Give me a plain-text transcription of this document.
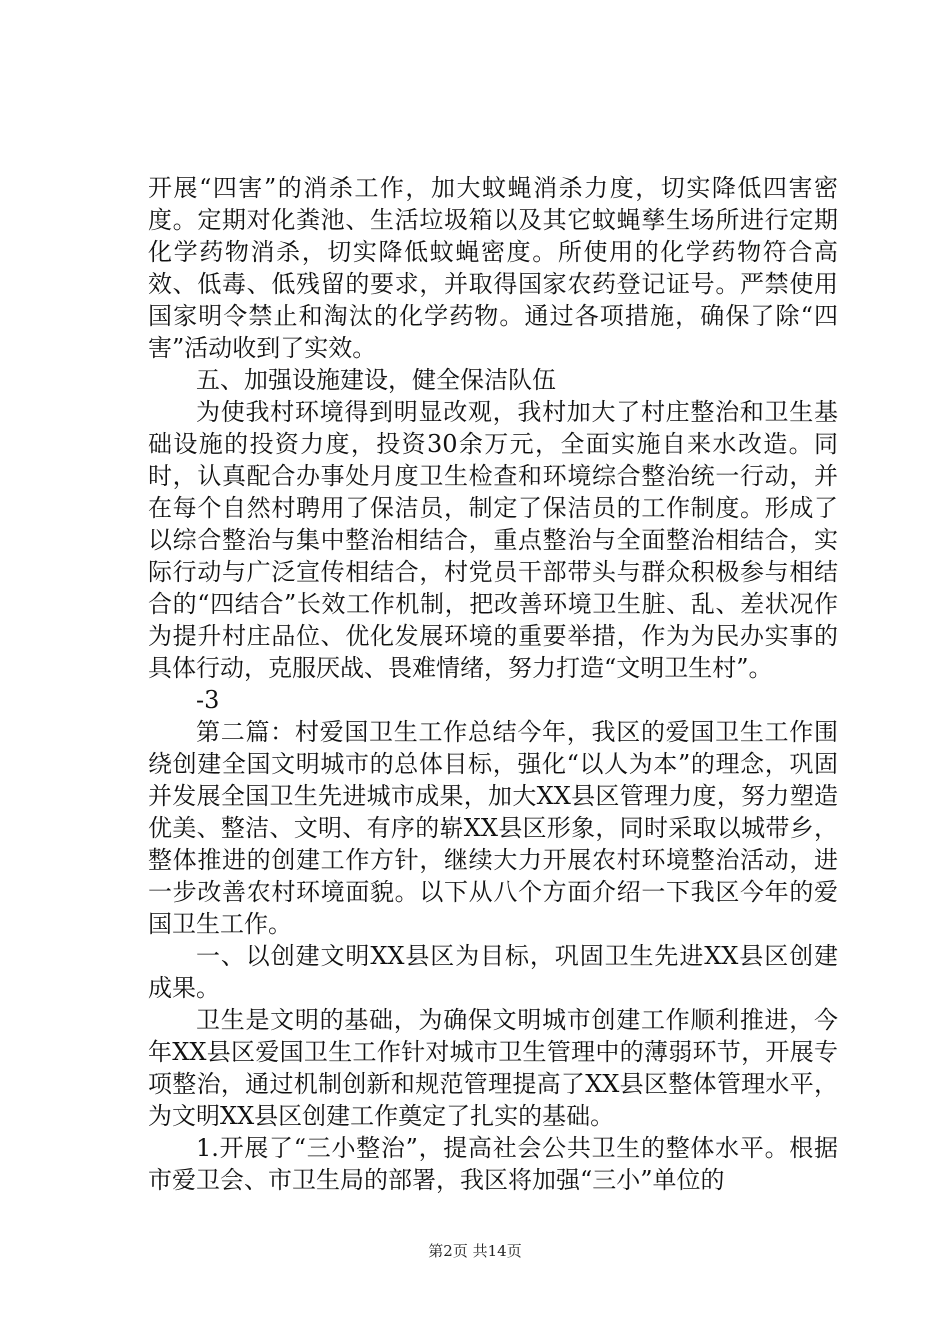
开展“四害”的消杀工作，加大蚊蝇消杀力度，切实降低四害密度。定期对化粪池、生活垃圾箱以及其它蚊蝇孳生场所进行定期化学药物消杀，切实降低蚊蝇密度。所使用的化学药物符合高效、低毒、低残留的要求，并取得国家农药登记证号。严禁使用国家明令禁止和淘汰的化学药物。通过各项措施，确保了除“四害”活动收到了实效。

五、加强设施建设，健全保洁队伍

为使我村环境得到明显改观，我村加大了村庄整治和卫生基础设施的投资力度，投资30余万元，全面实施自来水改造。同时，认真配合办事处月度卫生检查和环境综合整治统一行动，并在每个自然村聘用了保洁员，制定了保洁员的工作制度。形成了以综合整治与集中整治相结合，重点整治与全面整治相结合，实际行动与广泛宣传相结合，村党员干部带头与群众积极参与相结合的“四结合”长效工作机制，把改善环境卫生脏、乱、差状况作为提升村庄品位、优化发展环境的重要举措，作为为民办实事的具体行动，克服厌战、畏难情绪，努力打造“文明卫生村”。

-3

第二篇：村爱国卫生工作总结今年，我区的爱国卫生工作围绕创建全国文明城市的总体目标，强化“以人为本”的理念，巩固并发展全国卫生先进城市成果，加大XX县区管理力度，努力塑造优美、整洁、文明、有序的崭XX县区形象，同时采取以城带乡，整体推进的创建工作方针，继续大力开展农村环境整治活动，进一步改善农村环境面貌。以下从八个方面介绍一下我区今年的爱国卫生工作。

一、以创建文明XX县区为目标，巩固卫生先进XX县区创建成果。

卫生是文明的基础，为确保文明城市创建工作顺利推进，今年XX县区爱国卫生工作针对城市卫生管理中的薄弱环节，开展专项整治，通过机制创新和规范管理提高了XX县区整体管理水平，为文明XX县区创建工作奠定了扎实的基础。

1.开展了“三小整治”，提高社会公共卫生的整体水平。根据市爱卫会、市卫生局的部署，我区将加强“三小”单位的

第2页 共14页
